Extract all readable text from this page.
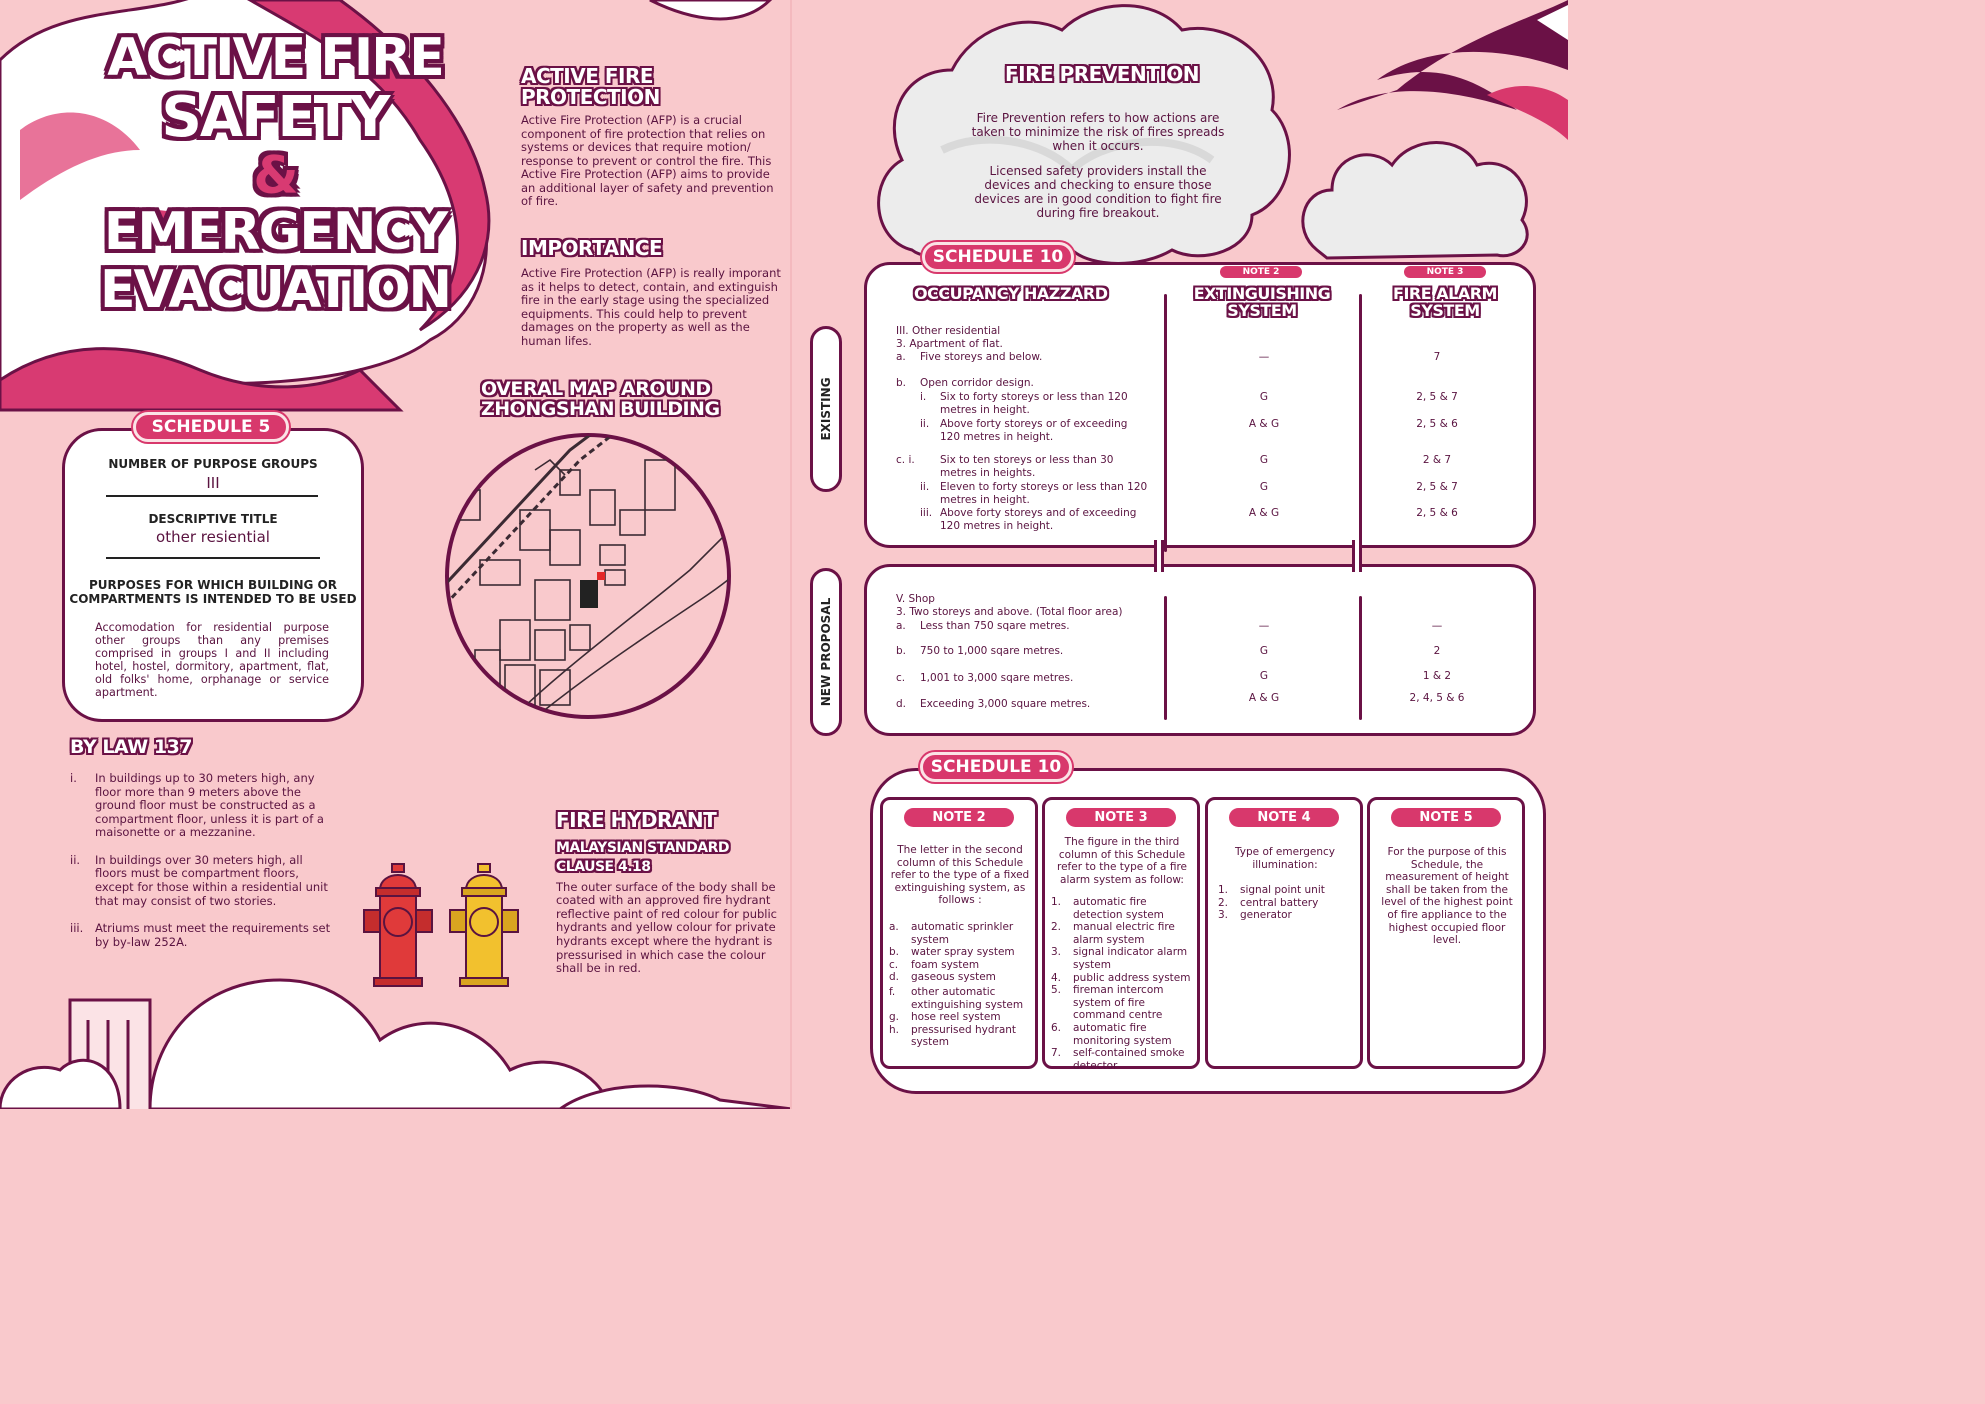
ACTIVE FIRE
SAFETY
&
EMERGENCY
EVACUATION
ACTIVE FIRE
PROTECTION

Active Fire Protection (AFP) is a crucial component of fire protection that relies on systems or devices that require motion/ response to prevent or control the fire. This Active Fire Protection (AFP) aims to provide an additional layer of safety and prevention of fire.

IMPORTANCE

Active Fire Protection (AFP) is really imporant as it helps to detect, contain, and extinguish fire in the early stage using the specialized equipments. This could help to prevent damages on the property as well as the human lifes.

OVERAL MAP AROUND
ZHONGSHAN BUILDING
SCHEDULE 5
NUMBER OF PURPOSE GROUPS
III
DESCRIPTIVE TITLE
other resiential
PURPOSES FOR WHICH BUILDING OR
COMPARTMENTS IS INTENDED TO BE USED

Accomodation for residential purpose other groups than any premises comprised in groups I and II including hotel, hostel, dormitory, apartment, flat, old folks' home, orphanage or service apartment.

BY LAW 137
i.	In buildings up to 30 meters high, any floor more than 9 meters above the ground floor must be constructed as a compartment floor, unless it is part of a maisonette or a mezzanine.
ii.	In buildings over 30 meters high, all floors must be compartment floors, except for those within a residential unit that may consist of two stories.
iii.	Atriums must meet the requirements set by by-law 252A.
FIRE HYDRANT
MALAYSIAN STANDARD
CLAUSE 4.18

The outer surface of the body shall be coated with an approved fire hydrant reflective paint of red colour for public hydrants and yellow colour for private hydrants except where the hydrant is pressurised in which case the colour shall be in red.

FIRE PREVENTION

Fire Prevention refers to how actions are taken to minimize the risk of fires spreads when it occurs.

Licensed safety providers install the devices and checking to ensure those devices are in good condition to fight fire during fire breakout.

SCHEDULE 10
EXISTING
NEW PROPOSAL
OCCUPANCY HAZZARD
NOTE 2
EXTINGUISHING
SYSTEM
NOTE 3
FIRE ALARM
SYSTEM
III. Other residential
3. Apartment of flat.
a. Five storeys and below.	—	7
b. Open corridor design.
i. Six to forty storeys or less than 120 metres in height.
G	2, 5 & 7
ii. Above forty storeys or of exceeding 120 metres in height.
A & G	2, 5 & 6
c. i. Six to ten storeys or less than 30 metres in heights.
G	2 & 7
ii. Eleven to forty storeys or less than 120 metres in height.
G	2, 5 & 7
iii. Above forty storeys and of exceeding 120 metres in height.
A & G	2, 5 & 6
V. Shop
3. Two storeys and above. (Total floor area)
a. Less than 750 sqare metres.	—	—
b. 750 to 1,000 sqare metres.	G	2
c. 1,001 to 3,000 sqare metres.	G	1 & 2
d. Exceeding 3,000 square metres.	A & G	2, 4, 5 & 6
SCHEDULE 10
NOTE 2
The letter in the second column of this Schedule refer to the type of a fixed extinguishing system, as follows :
a.	automatic sprinkler system
b.	water spray system
c.	foam system
d.	gaseous system
f.	other automatic extinguishing system
g.	hose reel system
h.	pressurised hydrant system
NOTE 3
The figure in the third column of this Schedule refer to the type of a fire alarm system as follow:
1.	automatic fire detection system
2.	manual electric fire alarm system
3.	signal indicator alarm system
4.	public address system
5.	fireman intercom system of fire command centre
6.	automatic fire monitoring system
7.	self-contained smoke detector
NOTE 4
Type of emergency illumination:
1.	signal point unit
2.	central battery
3.	generator
NOTE 5
For the purpose of this Schedule, the measurement of height shall be taken from the level of the highest point of fire appliance to the highest occupied floor level.
